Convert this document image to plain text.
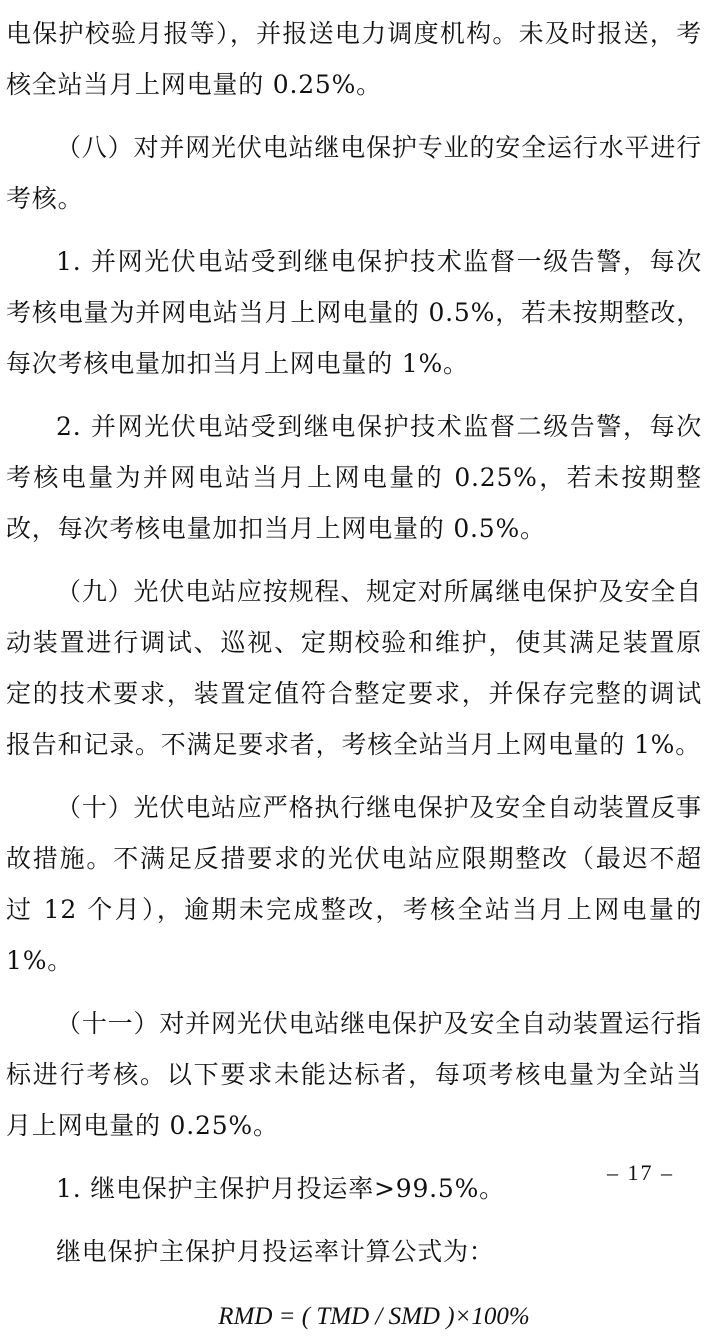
电保护校验月报等），并报送电力调度机构。未及时报送，考核全站当月上网电量的 0.25%。

（八）对并网光伏电站继电保护专业的安全运行水平进行考核。

1. 并网光伏电站受到继电保护技术监督一级告警，每次考核电量为并网电站当月上网电量的 0.5%，若未按期整改，每次考核电量加扣当月上网电量的 1%。

2. 并网光伏电站受到继电保护技术监督二级告警，每次考核电量为并网电站当月上网电量的 0.25%，若未按期整改，每次考核电量加扣当月上网电量的 0.5%。

（九）光伏电站应按规程、规定对所属继电保护及安全自动装置进行调试、巡视、定期校验和维护，使其满足装置原定的技术要求，装置定值符合整定要求，并保存完整的调试报告和记录。不满足要求者，考核全站当月上网电量的 1%。

（十）光伏电站应严格执行继电保护及安全自动装置反事故措施。不满足反措要求的光伏电站应限期整改（最迟不超过 12 个月），逾期未完成整改，考核全站当月上网电量的 1%。

（十一）对并网光伏电站继电保护及安全自动装置运行指标进行考核。以下要求未能达标者，每项考核电量为全站当月上网电量的 0.25%。

1. 继电保护主保护月投运率>99.5%。

继电保护主保护月投运率计算公式为：

RMD = ( TMD / SMD )×100%

– 17 –
